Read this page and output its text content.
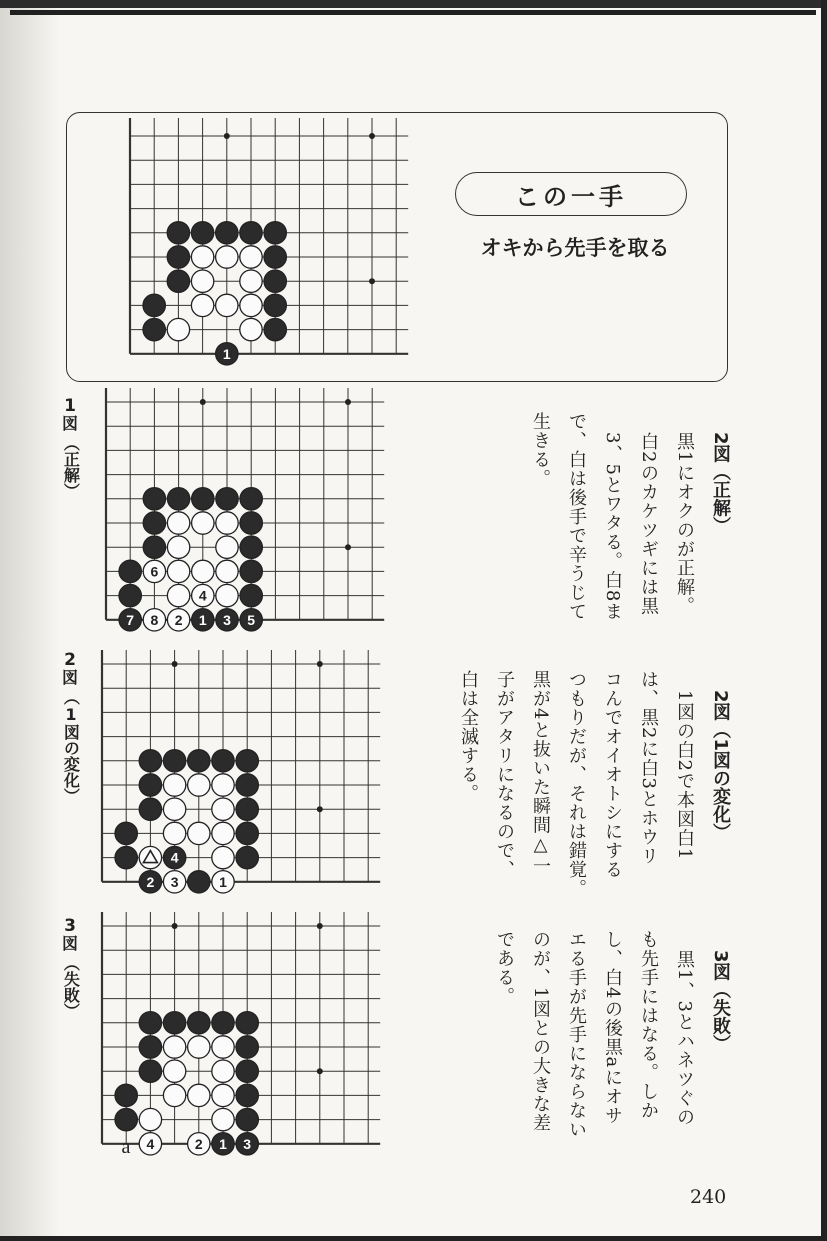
この一手
オキから先手を取る
1
1
図
（正解）
6
4
7 8 2 1 3 5
2
図
（1図の変化）
4
2 3	1
3
図
（失敗）
4	2 1 3
a
2図（正解）
黒1にオクのが正解。
白2のカケツギには黒
3、5とワタる。白8ま
で、白は後手で辛うじて
生きる。
2図（1図の変化）
1図の白2で本図白1
は、黒2に白3とホウリ
コんでオイオトシにする
つもりだが、それは錯覚。
黒が4と抜いた瞬間△一
子がアタリになるので、
白は全滅する。
3図（失敗）
黒1、3とハネツぐの
も先手にはなる。しか
し、白4の後黒aにオサ
エる手が先手にならない
のが、1図との大きな差
である。
240
